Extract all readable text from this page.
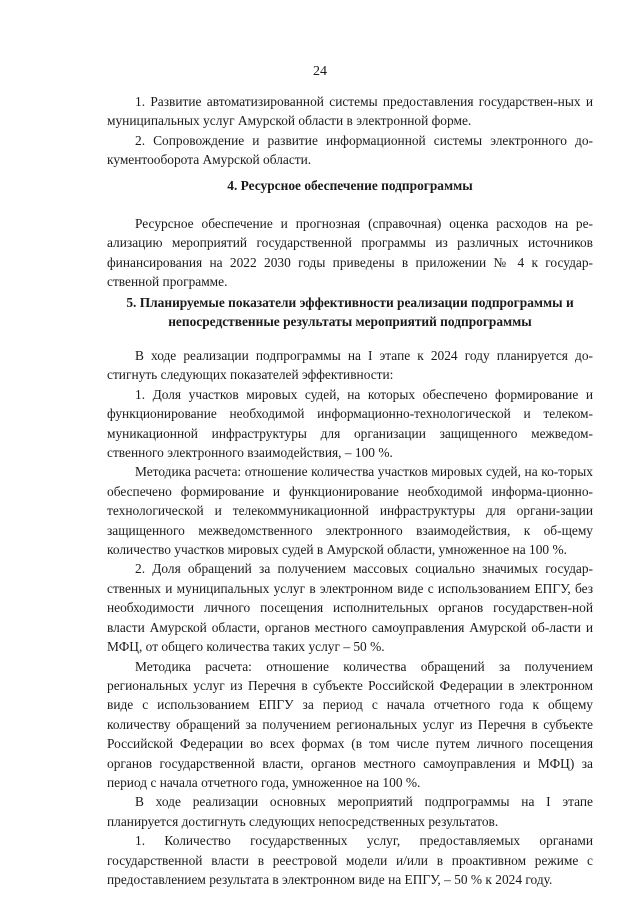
24

1. Развитие автоматизированной системы предоставления государствен-ных и муниципальных услуг Амурской области в электронной форме.

2. Сопровождение и развитие информационной системы электронного до-кументооборота Амурской области.

4. Ресурсное обеспечение подпрограммы

Ресурсное обеспечение и прогнозная (справочная) оценка расходов на ре-ализацию мероприятий государственной программы из различных источников финансирования на 2022 2030 годы приведены в приложении № 4 к государ-ственной программе.

5. Планируемые показатели эффективности реализации подпрограммы и

непосредственные результаты мероприятий подпрограммы

В ходе реализации подпрограммы на I этапе к 2024 году планируется до-стигнуть следующих показателей эффективности:

1. Доля участков мировых судей, на которых обеспечено формирование и функционирование необходимой информационно-технологической и телеком-муникационной инфраструктуры для организации защищенного межведом-ственного электронного взаимодействия, – 100 %.

Методика расчета: отношение количества участков мировых судей, на ко-торых обеспечено формирование и функционирование необходимой информа-ционно-технологической и телекоммуникационной инфраструктуры для органи-зации защищенного межведомственного электронного взаимодействия, к об-щему количество участков мировых судей в Амурской области, умноженное на 100 %.

2. Доля обращений за получением массовых социально значимых государ-ственных и муниципальных услуг в электронном виде с использованием ЕПГУ, без необходимости личного посещения исполнительных органов государствен-ной власти Амурской области, органов местного самоуправления Амурской об-ласти и МФЦ, от общего количества таких услуг – 50 %.

Методика расчета: отношение количества обращений за получением региональных услуг из Перечня в субъекте Российской Федерации в электронном виде с использованием ЕПГУ за период с начала отчетного года к общему количеству обращений за получением региональных услуг из Перечня в субъекте Российской Федерации во всех формах (в том числе путем личного посещения органов государственной власти, органов местного самоуправления и МФЦ) за период с начала отчетного года, умноженное на 100 %.

В ходе реализации основных мероприятий подпрограммы на I этапе планируется достигнуть следующих непосредственных результатов.

1. Количество государственных услуг, предоставляемых органами государственной власти в реестровой модели и/или в проактивном режиме с предоставлением результата в электронном виде на ЕПГУ, – 50 % к 2024 году.
